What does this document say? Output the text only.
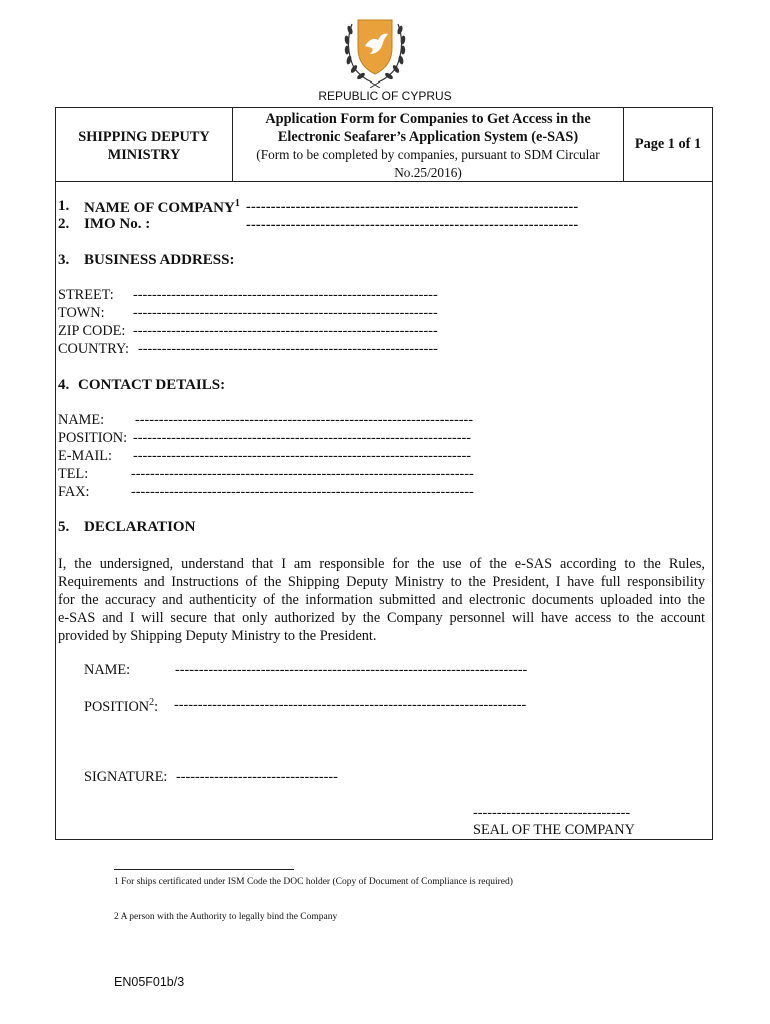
REPUBLIC OF CYPRUS
SHIPPING DEPUTY
MINISTRY
Application Form for Companies to Get Access in the
Electronic Seafarer’s Application System (e-SAS)
(Form to be completed by companies, pursuant to SDM Circular
No.25/2016)
Page 1 of 1
1. NAME OF COMPANY$^1$ -------------------------------------------------------------------
2. IMO No. :	-------------------------------------------------------------------
3. BUSINESS ADDRESS:
STREET: ----------------------------------------------------------------
TOWN: ----------------------------------------------------------------
ZIP CODE: ----------------------------------------------------------------
COUNTRY: ---------------------------------------------------------------
4. CONTACT DETAILS:
NAME: -----------------------------------------------------------------------
POSITION: -----------------------------------------------------------------------
E-MAIL: -----------------------------------------------------------------------
TEL:	------------------------------------------------------------------------
FAX:	------------------------------------------------------------------------
5. DECLARATION
I, the undersigned, understand that I am responsible for the use of the e-SAS according to the Rules,
Requirements and Instructions of the Shipping Deputy Ministry to the President, I have full responsibility
for the accuracy and authenticity of the information submitted and electronic documents uploaded into the
e-SAS and I will secure that only authorized by the Company personnel will have access to the account
provided by Shipping Deputy Ministry to the President.
NAME:	--------------------------------------------------------------------------
POSITION$^2$: --------------------------------------------------------------------------
SIGNATURE: ----------------------------------
---------------------------------
SEAL OF THE COMPANY
1 For ships certificated under ISM Code the DOC holder (Copy of Document of Compliance is required)
2 A person with the Authority to legally bind the Company
EN05F01b/3
